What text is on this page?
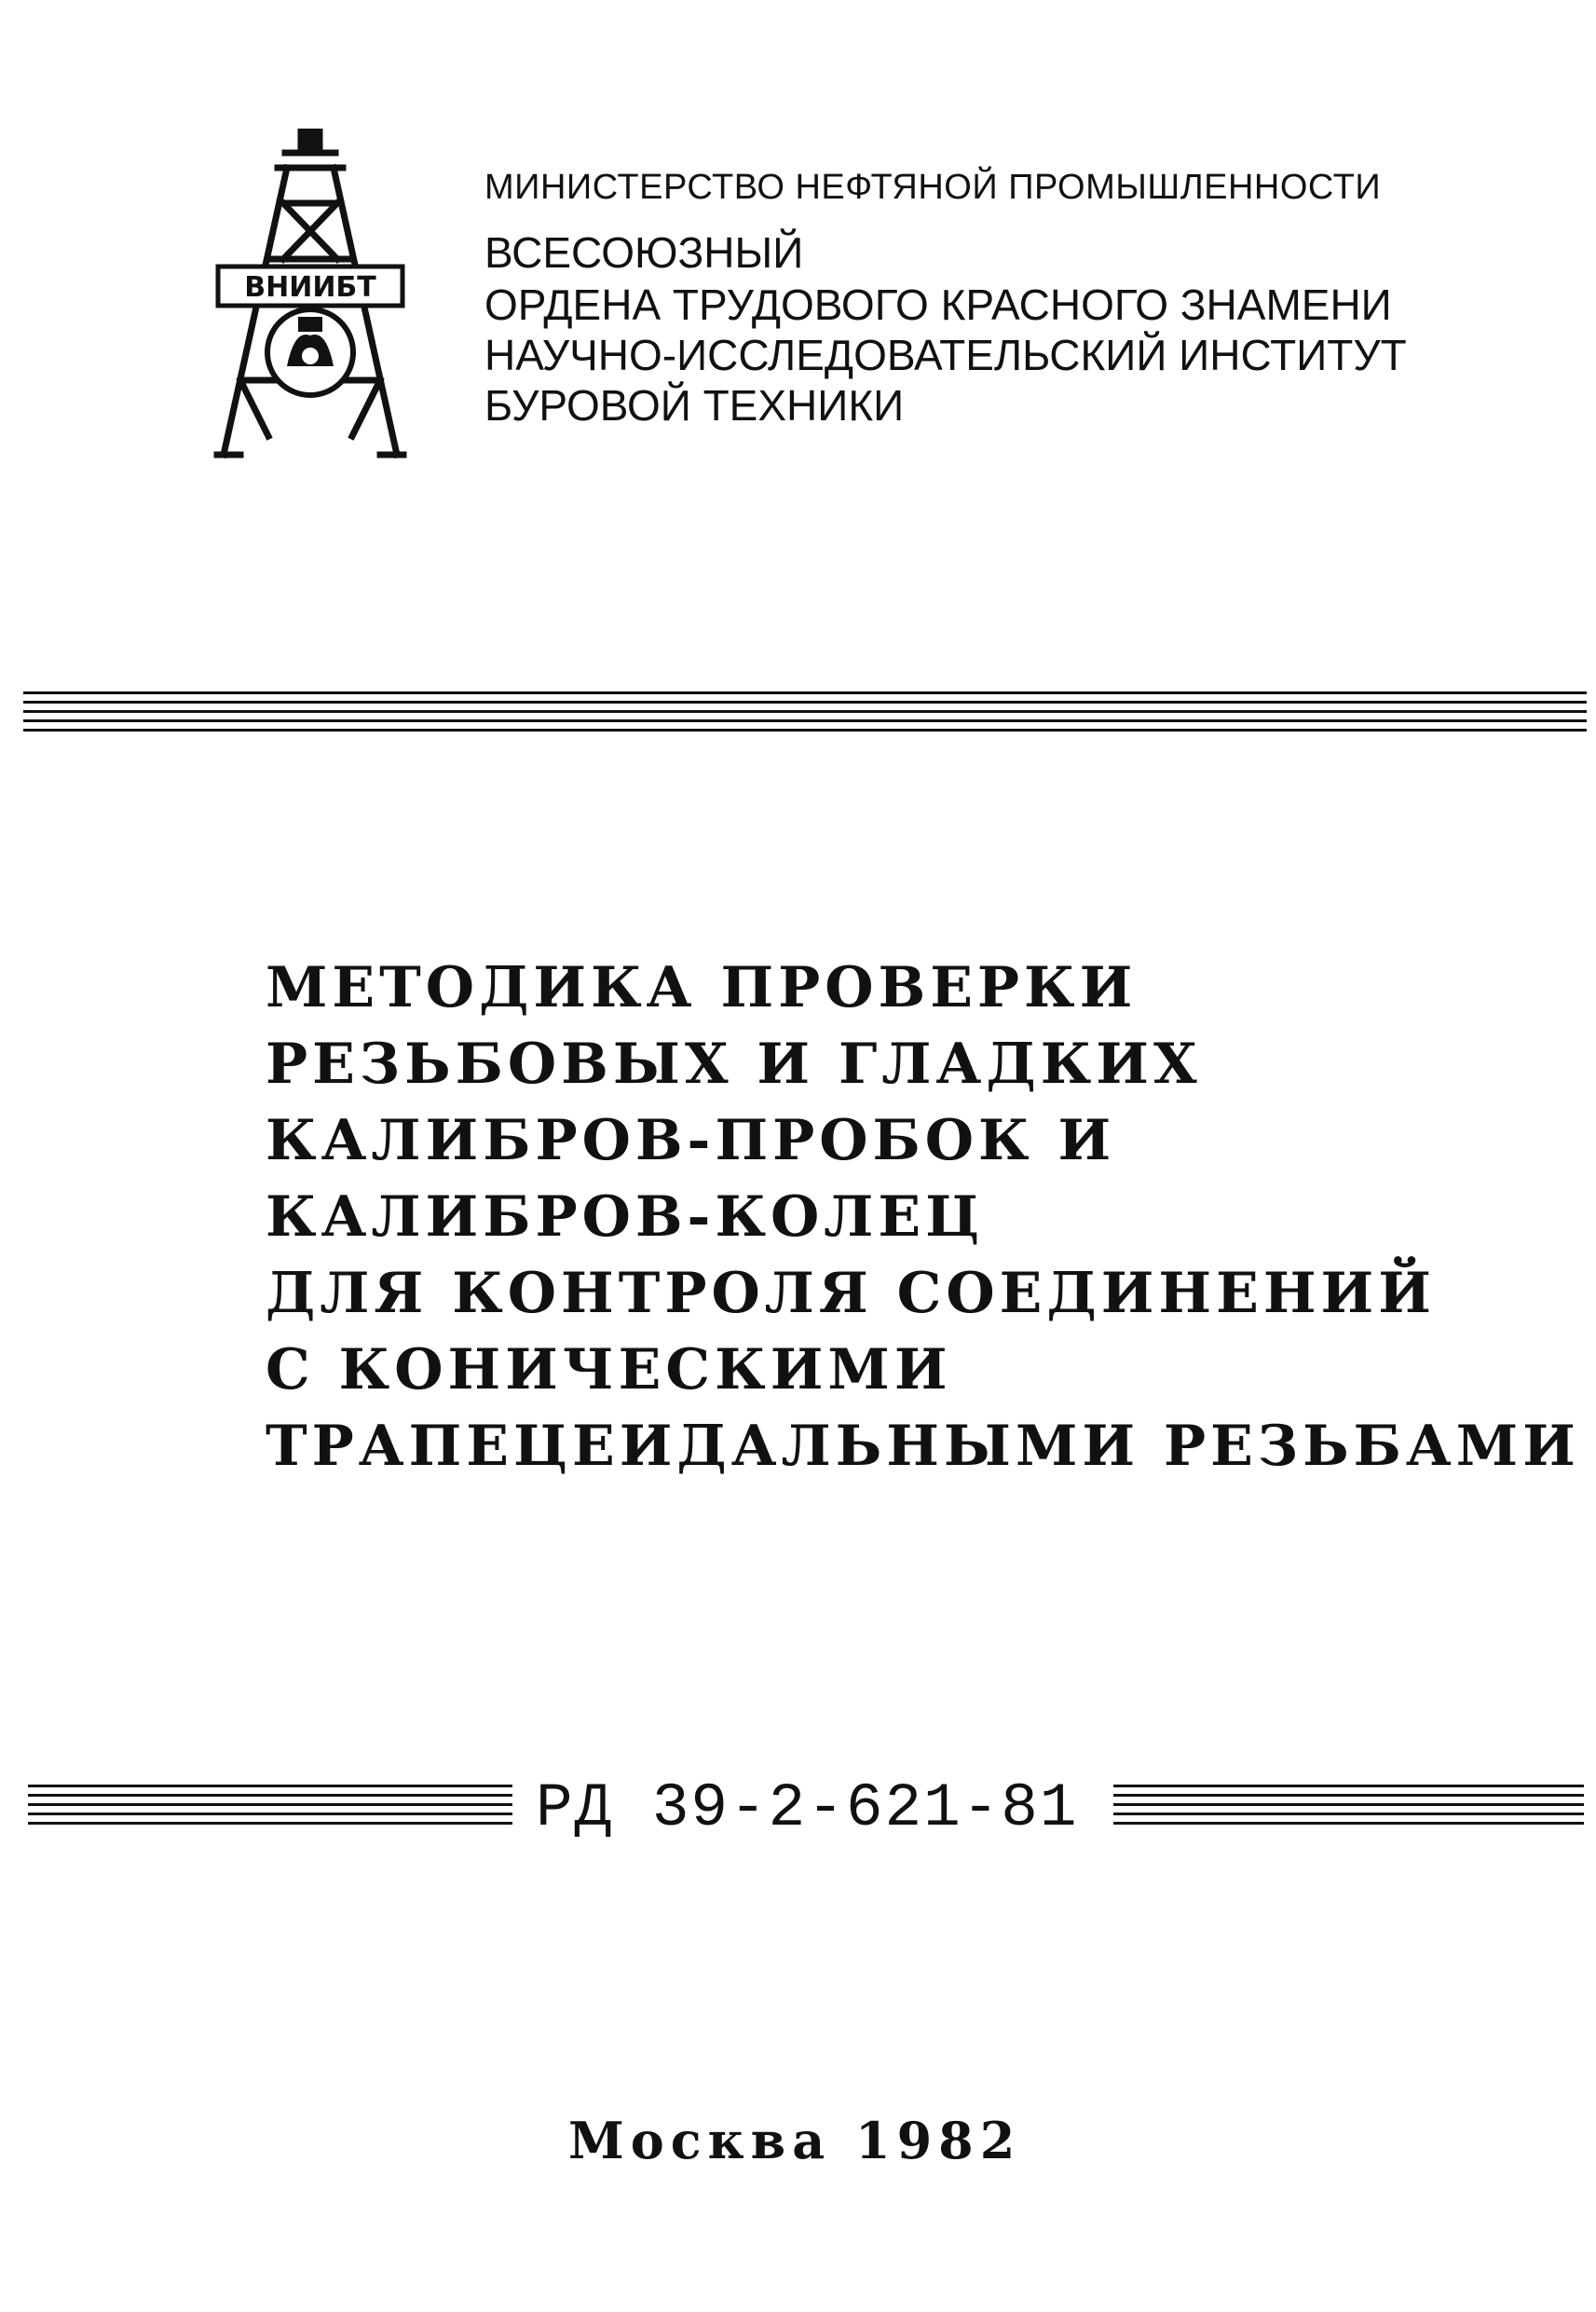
ВНИИБТ
МИНИСТЕРСТВО НЕФТЯНОЙ ПРОМЫШЛЕННОСТИ
ВСЕСОЮЗНЫЙ
ОРДЕНА ТРУДОВОГО КРАСНОГО ЗНАМЕНИ
НАУЧНО-ИССЛЕДОВАТЕЛЬСКИЙ ИНСТИТУТ
БУРОВОЙ ТЕХНИКИ
МЕТОДИКА ПРОВЕРКИ
РЕЗЬБОВЫХ И ГЛАДКИХ
КАЛИБРОВ-ПРОБОК И
КАЛИБРОВ-КОЛЕЦ
ДЛЯ КОНТРОЛЯ СОЕДИНЕНИЙ
С КОНИЧЕСКИМИ
ТРАПЕЦЕИДАЛЬНЫМИ РЕЗЬБАМИ
РД 39-2-621-81
Москва 1982
